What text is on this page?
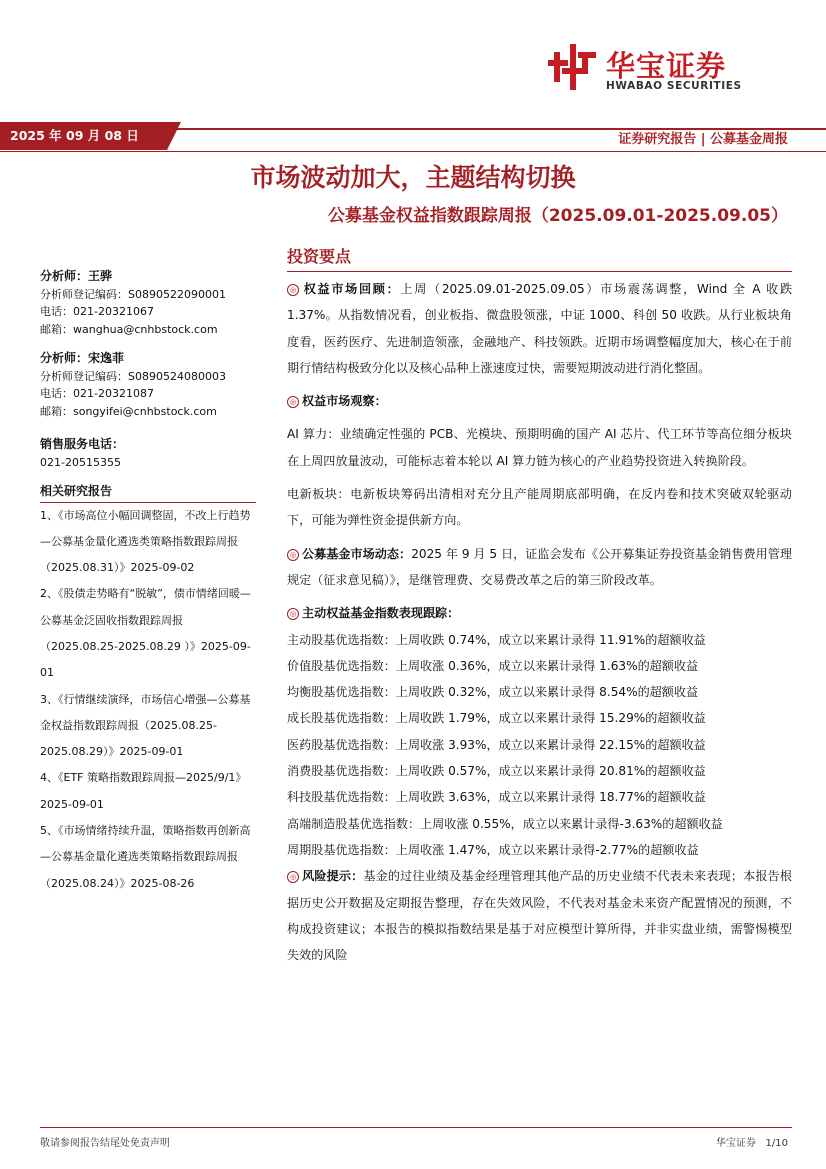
华宝证券
HWABAO SECURITIES
2025 年 09 月 08 日	证券研究报告 | 公募基金周报
市场波动加大，主题结构切换
公募基金权益指数跟踪周报（2025.09.01-2025.09.05）
分析师：王骅
分析师登记编码：S0890522090001
电话：021-20321067
邮箱：wanghua@cnhbstock.com
分析师：宋逸菲
分析师登记编码：S0890524080003
电话：021-20321087
邮箱：songyifei@cnhbstock.com
销售服务电话：
021-20515355
相关研究报告

1、《市场高位小幅回调整固，不改上行趋势—公募基金量化遴选类策略指数跟踪周报（2025.08.31）》2025-09-02

2、《股债走势略有“脱敏”，债市情绪回暖—公募基金泛固收指数跟踪周报 （2025.08.25-2025.08.29 ）》2025-09-01

3、《行情继续演绎，市场信心增强—公募基金权益指数跟踪周报（2025.08.25-2025.08.29）》2025-09-01

4、《ETF 策略指数跟踪周报—2025/9/1》2025-09-01

5、《市场情绪持续升温，策略指数再创新高—公募基金量化遴选类策略指数跟踪周报（2025.08.24）》2025-08-26

投资要点

◎ 权益市场回顾：上周（2025.09.01-2025.09.05）市场震荡调整，Wind 全 A 收跌 1.37%。从指数情况看，创业板指、微盘股领涨，中证 1000、科创 50 收跌。从行业板块角度看，医药医疗、先进制造领涨，金融地产、科技领跌。近期市场调整幅度加大，核心在于前期行情结构极致分化以及核心品种上涨速度过快，需要短期波动进行消化整固。

◎ 权益市场观察：

AI 算力：业绩确定性强的 PCB、光模块、预期明确的国产 AI 芯片、代工环节等高位细分板块在上周四放量波动，可能标志着本轮以 AI 算力链为核心的产业趋势投资进入转换阶段。

电新板块：电新板块筹码出清相对充分且产能周期底部明确，在反内卷和技术突破双轮驱动下，可能为弹性资金提供新方向。

◎ 公募基金市场动态：2025 年 9 月 5 日，证监会发布《公开募集证券投资基金销售费用管理规定（征求意见稿）》，是继管理费、交易费改革之后的第三阶段改革。

◎ 主动权益基金指数表现跟踪：

主动股基优选指数：上周收跌 0.74%，成立以来累计录得 11.91%的超额收益

价值股基优选指数：上周收涨 0.36%，成立以来累计录得 1.63%的超额收益

均衡股基优选指数：上周收跌 0.32%，成立以来累计录得 8.54%的超额收益

成长股基优选指数：上周收跌 1.79%，成立以来累计录得 15.29%的超额收益

医药股基优选指数：上周收涨 3.93%，成立以来累计录得 22.15%的超额收益

消费股基优选指数：上周收跌 0.57%，成立以来累计录得 20.81%的超额收益

科技股基优选指数：上周收跌 3.63%，成立以来累计录得 18.77%的超额收益

高端制造股基优选指数：上周收涨 0.55%，成立以来累计录得-3.63%的超额收益

周期股基优选指数：上周收涨 1.47%，成立以来累计录得-2.77%的超额收益

◎ 风险提示：基金的过往业绩及基金经理管理其他产品的历史业绩不代表未来表现；本报告根据历史公开数据及定期报告整理，存在失效风险，不代表对基金未来资产配置情况的预测，不构成投资建议；本报告的模拟指数结果是基于对应模型计算所得，并非实盘业绩，需警惕模型失效的风险

敬请参阅报告结尾处免责声明	华宝证券 1/10
